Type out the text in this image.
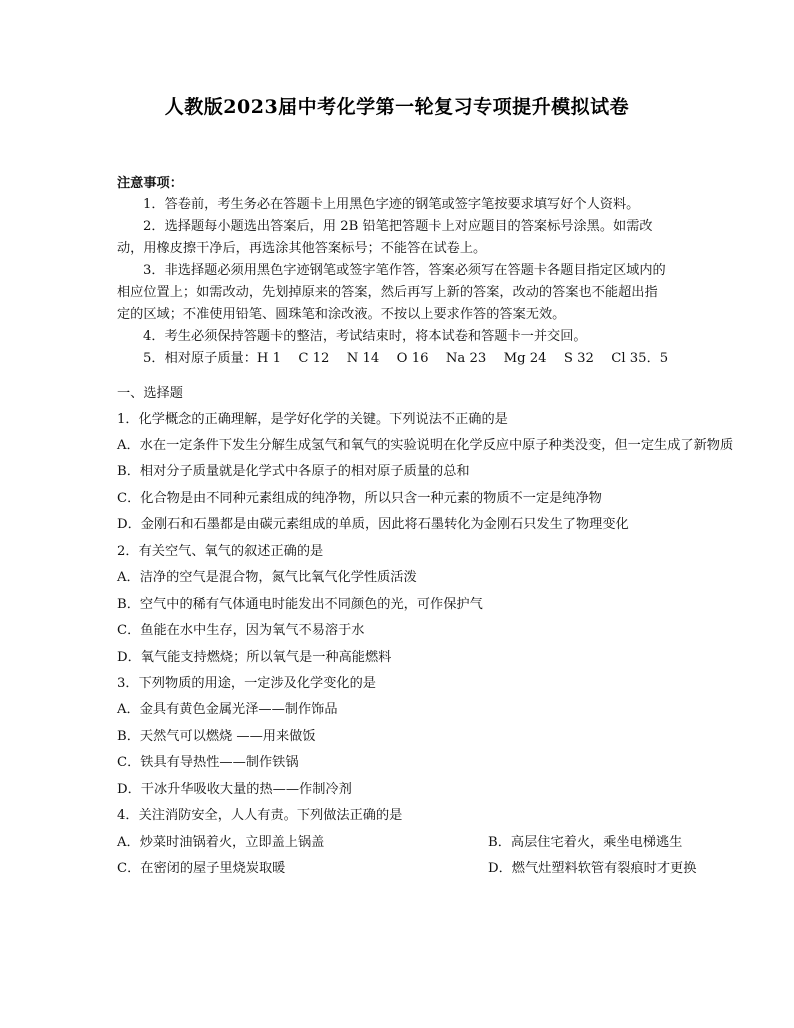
人教版2023届中考化学第一轮复习专项提升模拟试卷
注意事项：
1．答卷前，考生务必在答题卡上用黑色字迹的钢笔或签字笔按要求填写好个人资料。
2．选择题每小题选出答案后，用 2B 铅笔把答题卡上对应题目的答案标号涂黑。如需改
动，用橡皮擦干净后，再选涂其他答案标号；不能答在试卷上。
3．非选择题必须用黑色字迹钢笔或签字笔作答，答案必须写在答题卡各题目指定区域内的
相应位置上；如需改动，先划掉原来的答案，然后再写上新的答案，改动的答案也不能超出指
定的区域；不准使用铅笔、圆珠笔和涂改液。不按以上要求作答的答案无效。
4．考生必须保持答题卡的整洁，考试结束时，将本试卷和答题卡一并交回。
5．相对原子质量：H 1　 C 12　 N 14　 O 16　 Na 23　 Mg 24　 S 32　 Cl 35．5
一、选择题
1．化学概念的正确理解，是学好化学的关键。下列说法不正确的是
A．水在一定条件下发生分解生成氢气和氧气的实验说明在化学反应中原子种类没变，但一定生成了新物质
B．相对分子质量就是化学式中各原子的相对原子质量的总和
C．化合物是由不同种元素组成的纯净物，所以只含一种元素的物质不一定是纯净物
D．金刚石和石墨都是由碳元素组成的单质，因此将石墨转化为金刚石只发生了物理变化
2．有关空气、氧气的叙述正确的是
A．洁净的空气是混合物，氮气比氧气化学性质活泼
B．空气中的稀有气体通电时能发出不同颜色的光，可作保护气
C．鱼能在水中生存，因为氧气不易溶于水
D．氧气能支持燃烧；所以氧气是一种高能燃料
3．下列物质的用途，一定涉及化学变化的是
A．金具有黄色金属光泽——制作饰品
B．天然气可以燃烧 ——用来做饭
C．铁具有导热性——制作铁锅
D．干冰升华吸收大量的热——作制冷剂
4．关注消防安全，人人有责。下列做法正确的是
A．炒菜时油锅着火，立即盖上锅盖	B．高层住宅着火，乘坐电梯逃生
C．在密闭的屋子里烧炭取暖	D．燃气灶塑料软管有裂痕时才更换
